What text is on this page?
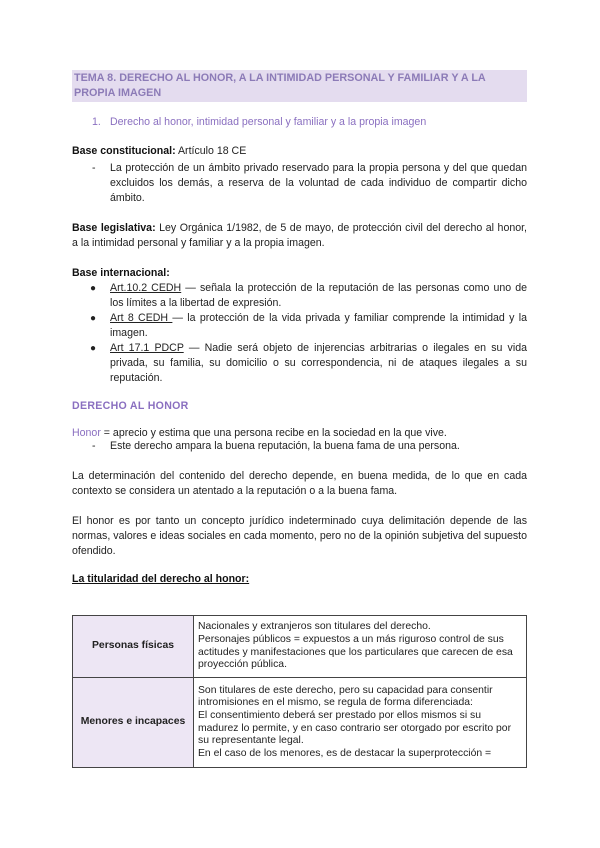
TEMA 8. DERECHO AL HONOR, A LA INTIMIDAD PERSONAL Y FAMILIAR Y A LA PROPIA IMAGEN
1. Derecho al honor, intimidad personal y familiar y a la propia imagen
Base constitucional: Artículo 18 CE
- La protección de un ámbito privado reservado para la propia persona y del que quedan excluidos los demás, a reserva de la voluntad de cada individuo de compartir dicho ámbito.
Base legislativa: Ley Orgánica 1/1982, de 5 de mayo, de protección civil del derecho al honor, a la intimidad personal y familiar y a la propia imagen.
Base internacional:
● Art.10.2 CEDH — señala la protección de la reputación de las personas como uno de los límites a la libertad de expresión.
● Art 8 CEDH — la protección de la vida privada y familiar comprende la intimidad y la imagen.
● Art 17.1 PDCP — Nadie será objeto de injerencias arbitrarias o ilegales en su vida privada, su familia, su domicilio o su correspondencia, ni de ataques ilegales a su reputación.
DERECHO AL HONOR
Honor = aprecio y estima que una persona recibe en la sociedad en la que vive.
- Este derecho ampara la buena reputación, la buena fama de una persona.
La determinación del contenido del derecho depende, en buena medida, de lo que en cada contexto se considera un atentado a la reputación o a la buena fama.
El honor es por tanto un concepto jurídico indeterminado cuya delimitación depende de las normas, valores e ideas sociales en cada momento, pero no de la opinión subjetiva del supuesto ofendido.
La titularidad del derecho al honor:
Personas físicas	Nacionales y extranjeros son titulares del derecho.
Personajes públicos = expuestos a un más riguroso control de sus actitudes y manifestaciones que los particulares que carecen de esa proyección pública.

Menores e incapaces	Son titulares de este derecho, pero su capacidad para consentir intromisiones en el mismo, se regula de forma diferenciada:
El consentimiento deberá ser prestado por ellos mismos si su madurez lo permite, y en caso contrario ser otorgado por escrito por su representante legal.
En el caso de los menores, es de destacar la superprotección =
